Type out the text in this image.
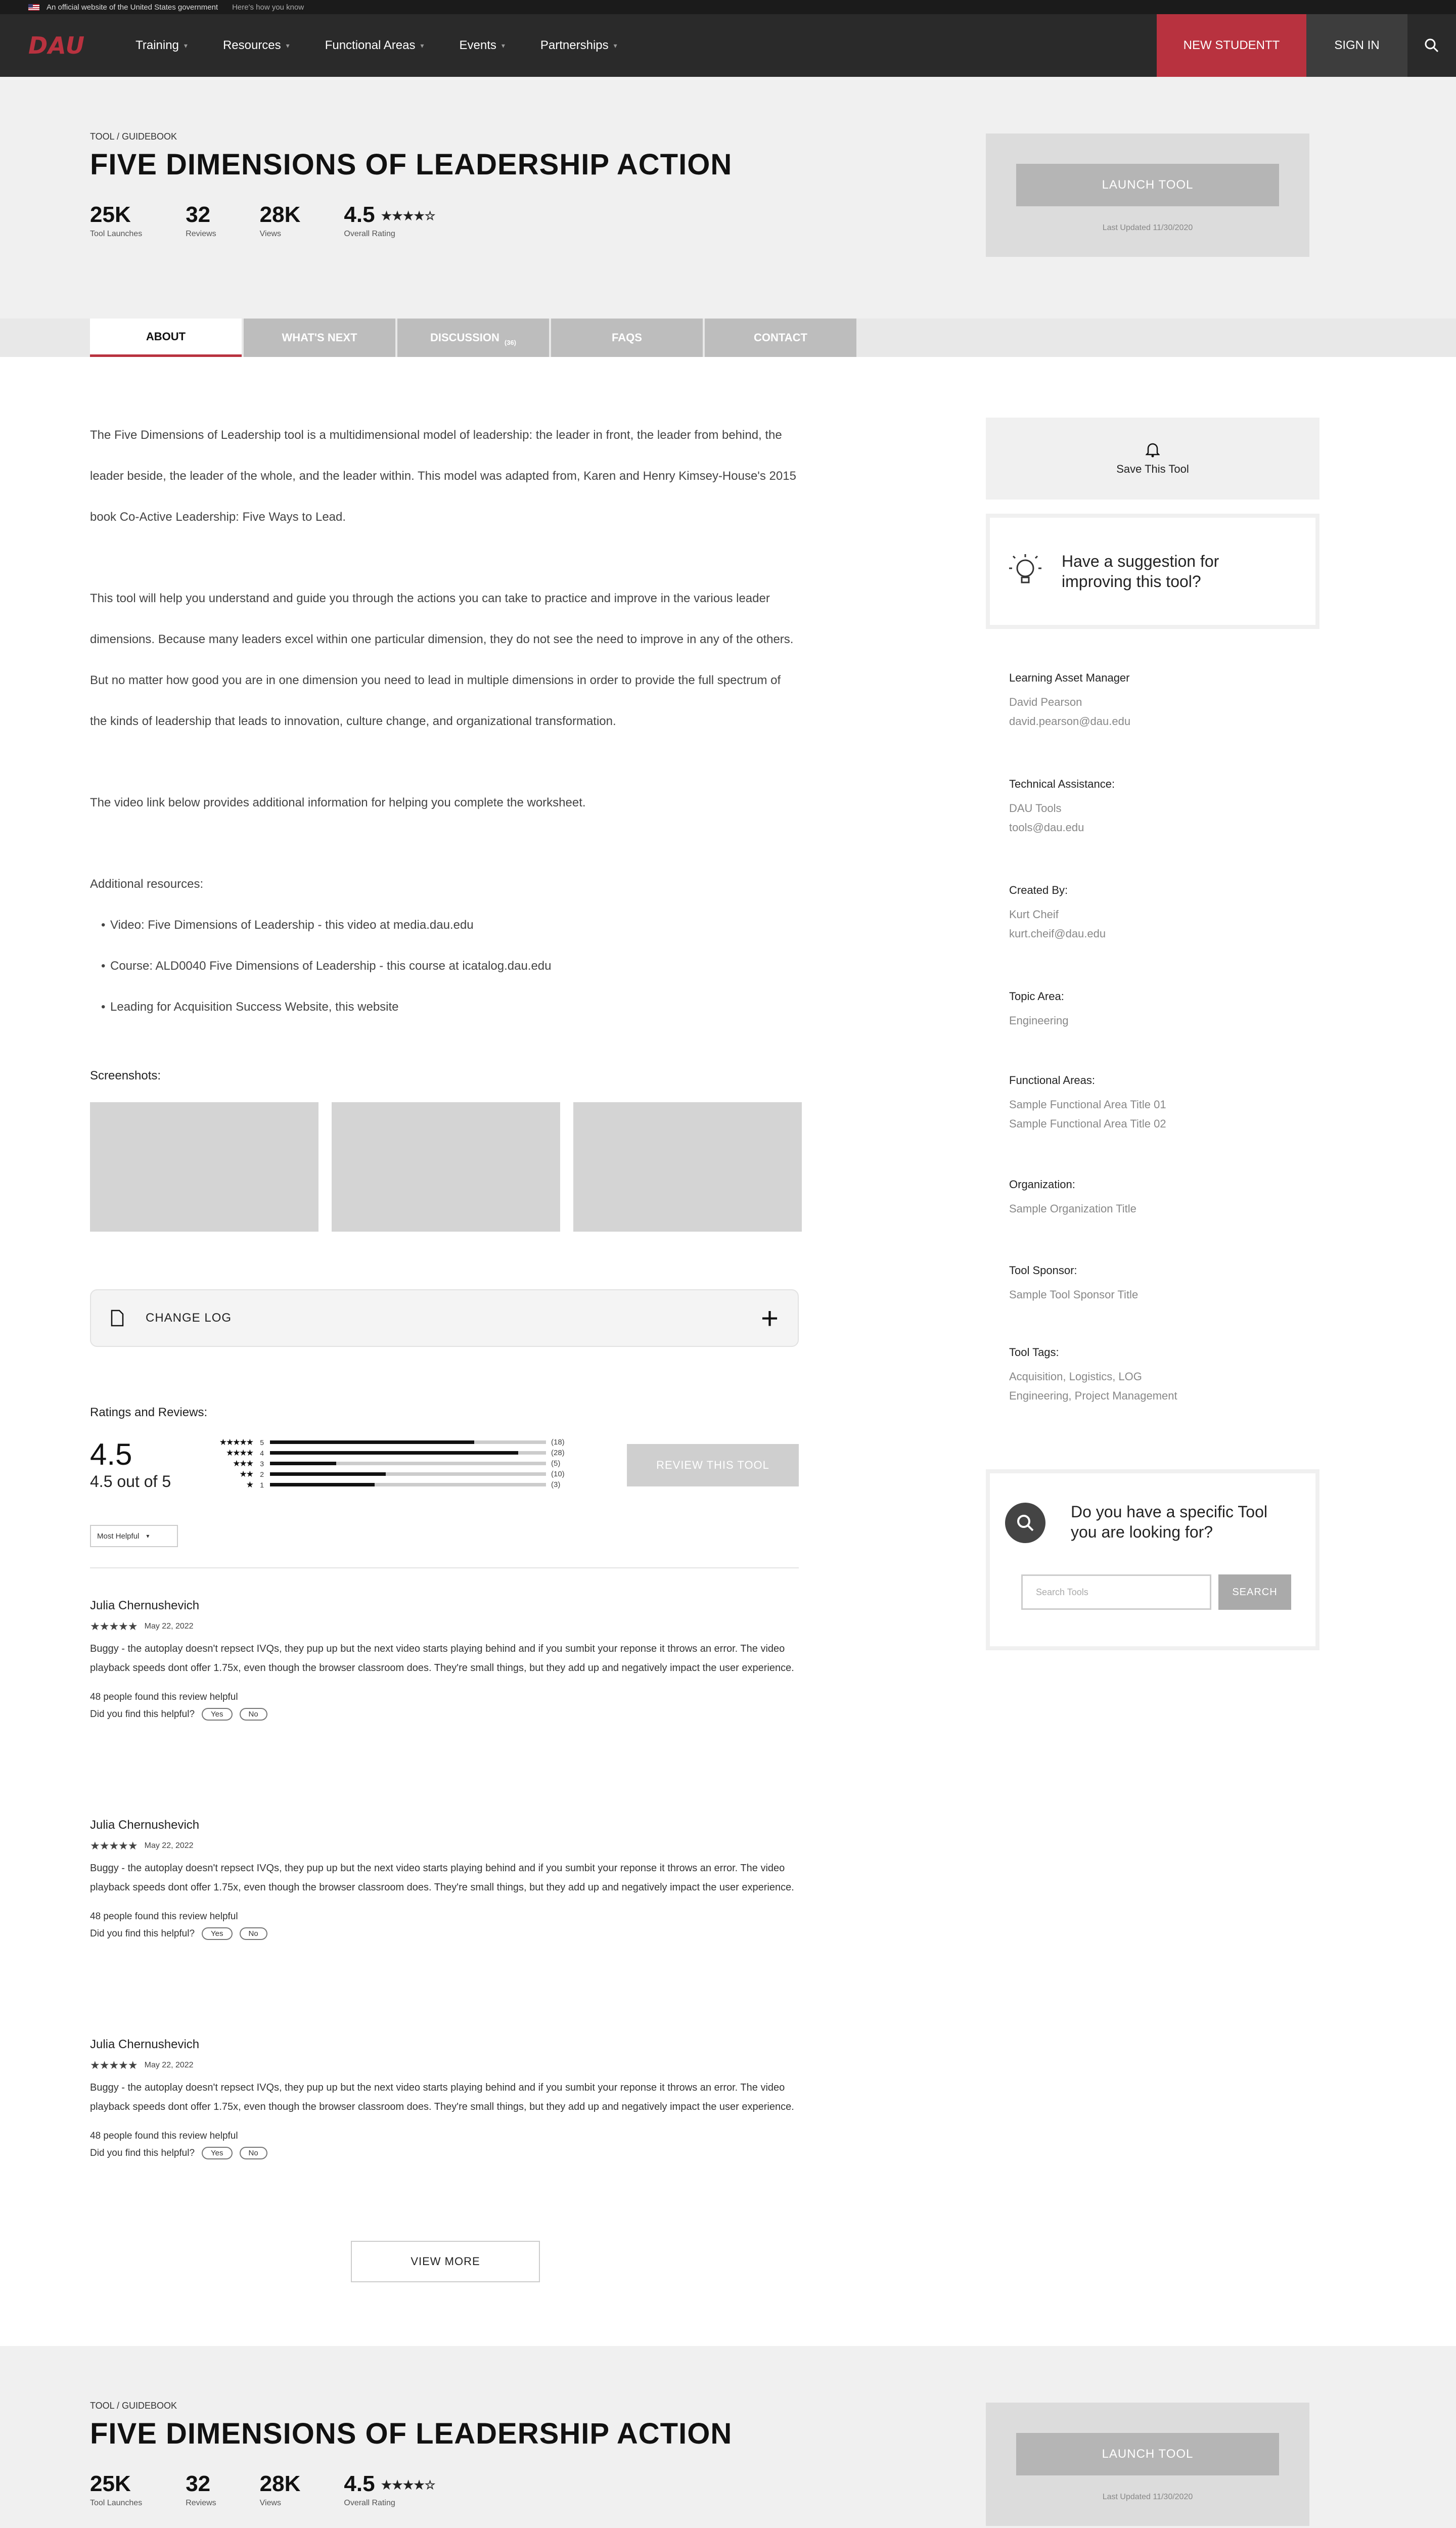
An official website of the United States government Here's how you know
DAU	Training ▾	Resources ▾	Functional Areas ▾	Events ▾	Partnerships ▾	NEW STUDENTT	SIGN IN
TOOL / GUIDEBOOK
FIVE DIMENSIONS OF LEADERSHIP ACTION
25K
Tool Launches
32
Reviews
28K
Views
4.5 ★★★★☆
Overall Rating
LAUNCH TOOL
Last Updated 11/30/2020
ABOUT	WHAT'S NEXT	DISCUSSION (36)	FAQS	CONTACT

The Five Dimensions of Leadership tool is a multidimensional model of leadership: the leader in front, the leader from behind, the leader beside, the leader of the whole, and the leader within. This model was adapted from, Karen and Henry Kimsey-House's 2015 book Co-Active Leadership: Five Ways to Lead.

This tool will help you understand and guide you through the actions you can take to practice and improve in the various leader dimensions. Because many leaders excel within one particular dimension, they do not see the need to improve in any of the others. But no matter how good you are in one dimension you need to lead in multiple dimensions in order to provide the full spectrum of the kinds of leadership that leads to innovation, culture change, and organizational transformation.

The video link below provides additional information for helping you complete the worksheet.

Additional resources:

• Video: Five Dimensions of Leadership - this video at media.dau.edu
• Course: ALD0040 Five Dimensions of Leadership - this course at icatalog.dau.edu
• Leading for Acquisition Success Website, this website
Screenshots:
CHANGE LOG	+
Ratings and Reviews:
4.5
4.5 out of 5
★★★★★	5	(18)
★★★★	4	(28)
★★★	3	(5)
★★	2	(10)
★	1	(3)
REVIEW THIS TOOL
Most Helpful ▾
Julia Chernushevich
★★★★★ May 22, 2022
Buggy - the autoplay doesn't repsect IVQs, they pup up but the next video starts playing behind and if you sumbit your reponse it throws an error. The video playback speeds dont offer 1.75x, even though the browser classroom does. They're small things, but they add up and negatively impact the user experience.
48 people found this review helpful
Did you find this helpful?	Yes	No
Julia Chernushevich
★★★★★ May 22, 2022
Buggy - the autoplay doesn't repsect IVQs, they pup up but the next video starts playing behind and if you sumbit your reponse it throws an error. The video playback speeds dont offer 1.75x, even though the browser classroom does. They're small things, but they add up and negatively impact the user experience.
48 people found this review helpful
Did you find this helpful?	Yes	No
Julia Chernushevich
★★★★★ May 22, 2022
Buggy - the autoplay doesn't repsect IVQs, they pup up but the next video starts playing behind and if you sumbit your reponse it throws an error. The video playback speeds dont offer 1.75x, even though the browser classroom does. They're small things, but they add up and negatively impact the user experience.
48 people found this review helpful
Did you find this helpful?	Yes	No
VIEW MORE
Save This Tool
Have a suggestion for improving this tool?
Learning Asset Manager
David Pearson
david.pearson@dau.edu
Technical Assistance:
DAU Tools
tools@dau.edu
Created By:
Kurt Cheif
kurt.cheif@dau.edu
Topic Area:
Engineering
Functional Areas:
Sample Functional Area Title 01
Sample Functional Area Title 02
Organization:
Sample Organization Title
Tool Sponsor:
Sample Tool Sponsor Title
Tool Tags:
Acquisition, Logistics, LOG
Engineering, Project Management
Do you have a specific Tool you are looking for?
Search Tools	SEARCH
TOOL / GUIDEBOOK
FIVE DIMENSIONS OF LEADERSHIP ACTION
25K
Tool Launches
32
Reviews
28K
Views
4.5 ★★★★☆
Overall Rating
LAUNCH TOOL
Last Updated 11/30/2020
